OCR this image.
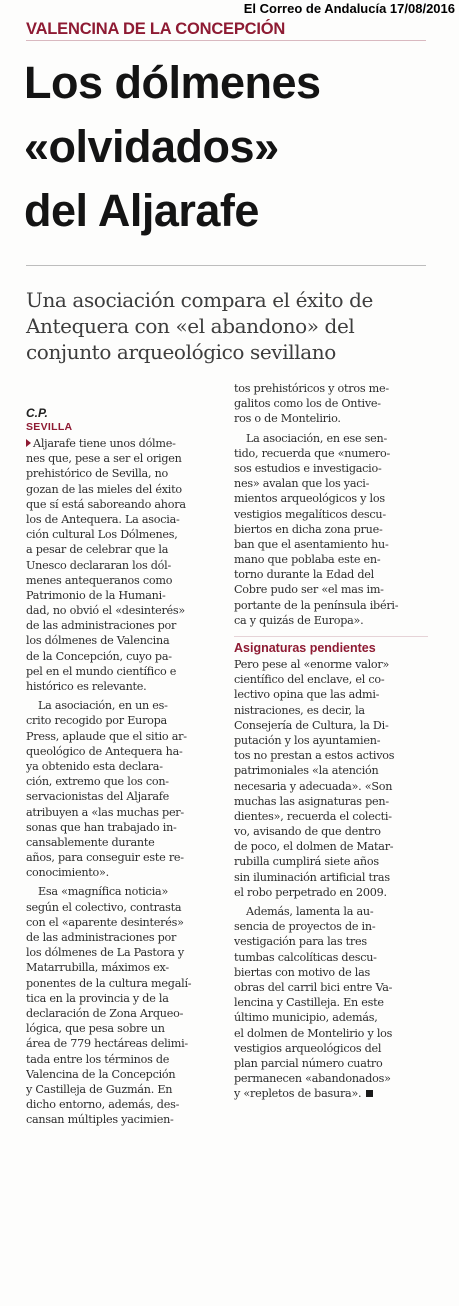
El Correo de Andalucía 17/08/2016
VALENCINA DE LA CONCEPCIÓN
Los dólmenes
«olvidados»
del Aljarafe
Una asociación compara el éxito de
Antequera con «el abandono» del
conjunto arqueológico sevillano
C.P.
SEVILLA
Aljarafe tiene unos dólme-
nes que, pese a ser el origen
prehistórico de Sevilla, no
gozan de las mieles del éxito
que sí está saboreando ahora
los de Antequera. La asocia-
ción cultural Los Dólmenes,
a pesar de celebrar que la
Unesco declararan los dól-
menes antequeranos como
Patrimonio de la Humani-
dad, no obvió el «desinterés»
de las administraciones por
los dólmenes de Valencina
de la Concepción, cuyo pa-
pel en el mundo científico e
histórico es relevante.
La asociación, en un es-
crito recogido por Europa
Press, aplaude que el sitio ar-
queológico de Antequera ha-
ya obtenido esta declara-
ción, extremo que los con-
servacionistas del Aljarafe
atribuyen a «las muchas per-
sonas que han trabajado in-
cansablemente durante
años, para conseguir este re-
conocimiento».
Esa «magnífica noticia»
según el colectivo, contrasta
con el «aparente desinterés»
de las administraciones por
los dólmenes de La Pastora y
Matarrubilla, máximos ex-
ponentes de la cultura megalí-
tica en la provincia y de la
declaración de Zona Arqueo-
lógica, que pesa sobre un
área de 779 hectáreas delimi-
tada entre los términos de
Valencina de la Concepción
y Castilleja de Guzmán. En
dicho entorno, además, des-
cansan múltiples yacimien-
tos prehistóricos y otros me-
galitos como los de Ontive-
ros o de Montelirio.
La asociación, en ese sen-
tido, recuerda que «numero-
sos estudios e investigacio-
nes» avalan que los yaci-
mientos arqueológicos y los
vestigios megalíticos descu-
biertos en dicha zona prue-
ban que el asentamiento hu-
mano que poblaba este en-
torno durante la Edad del
Cobre pudo ser «el mas im-
portante de la península ibéri-
ca y quizás de Europa».
Asignaturas pendientes
Pero pese al «enorme valor»
científico del enclave, el co-
lectivo opina que las admi-
nistraciones, es decir, la
Consejería de Cultura, la Di-
putación y los ayuntamien-
tos no prestan a estos activos
patrimoniales «la atención
necesaria y adecuada». «Son
muchas las asignaturas pen-
dientes», recuerda el colecti-
vo, avisando de que dentro
de poco, el dolmen de Matar-
rubilla cumplirá siete años
sin iluminación artificial tras
el robo perpetrado en 2009.
Además, lamenta la au-
sencia de proyectos de in-
vestigación para las tres
tumbas calcolíticas descu-
biertas con motivo de las
obras del carril bici entre Va-
lencina y Castilleja. En este
último municipio, además,
el dolmen de Montelirio y los
vestigios arqueológicos del
plan parcial número cuatro
permanecen «abandonados»
y «repletos de basura».
